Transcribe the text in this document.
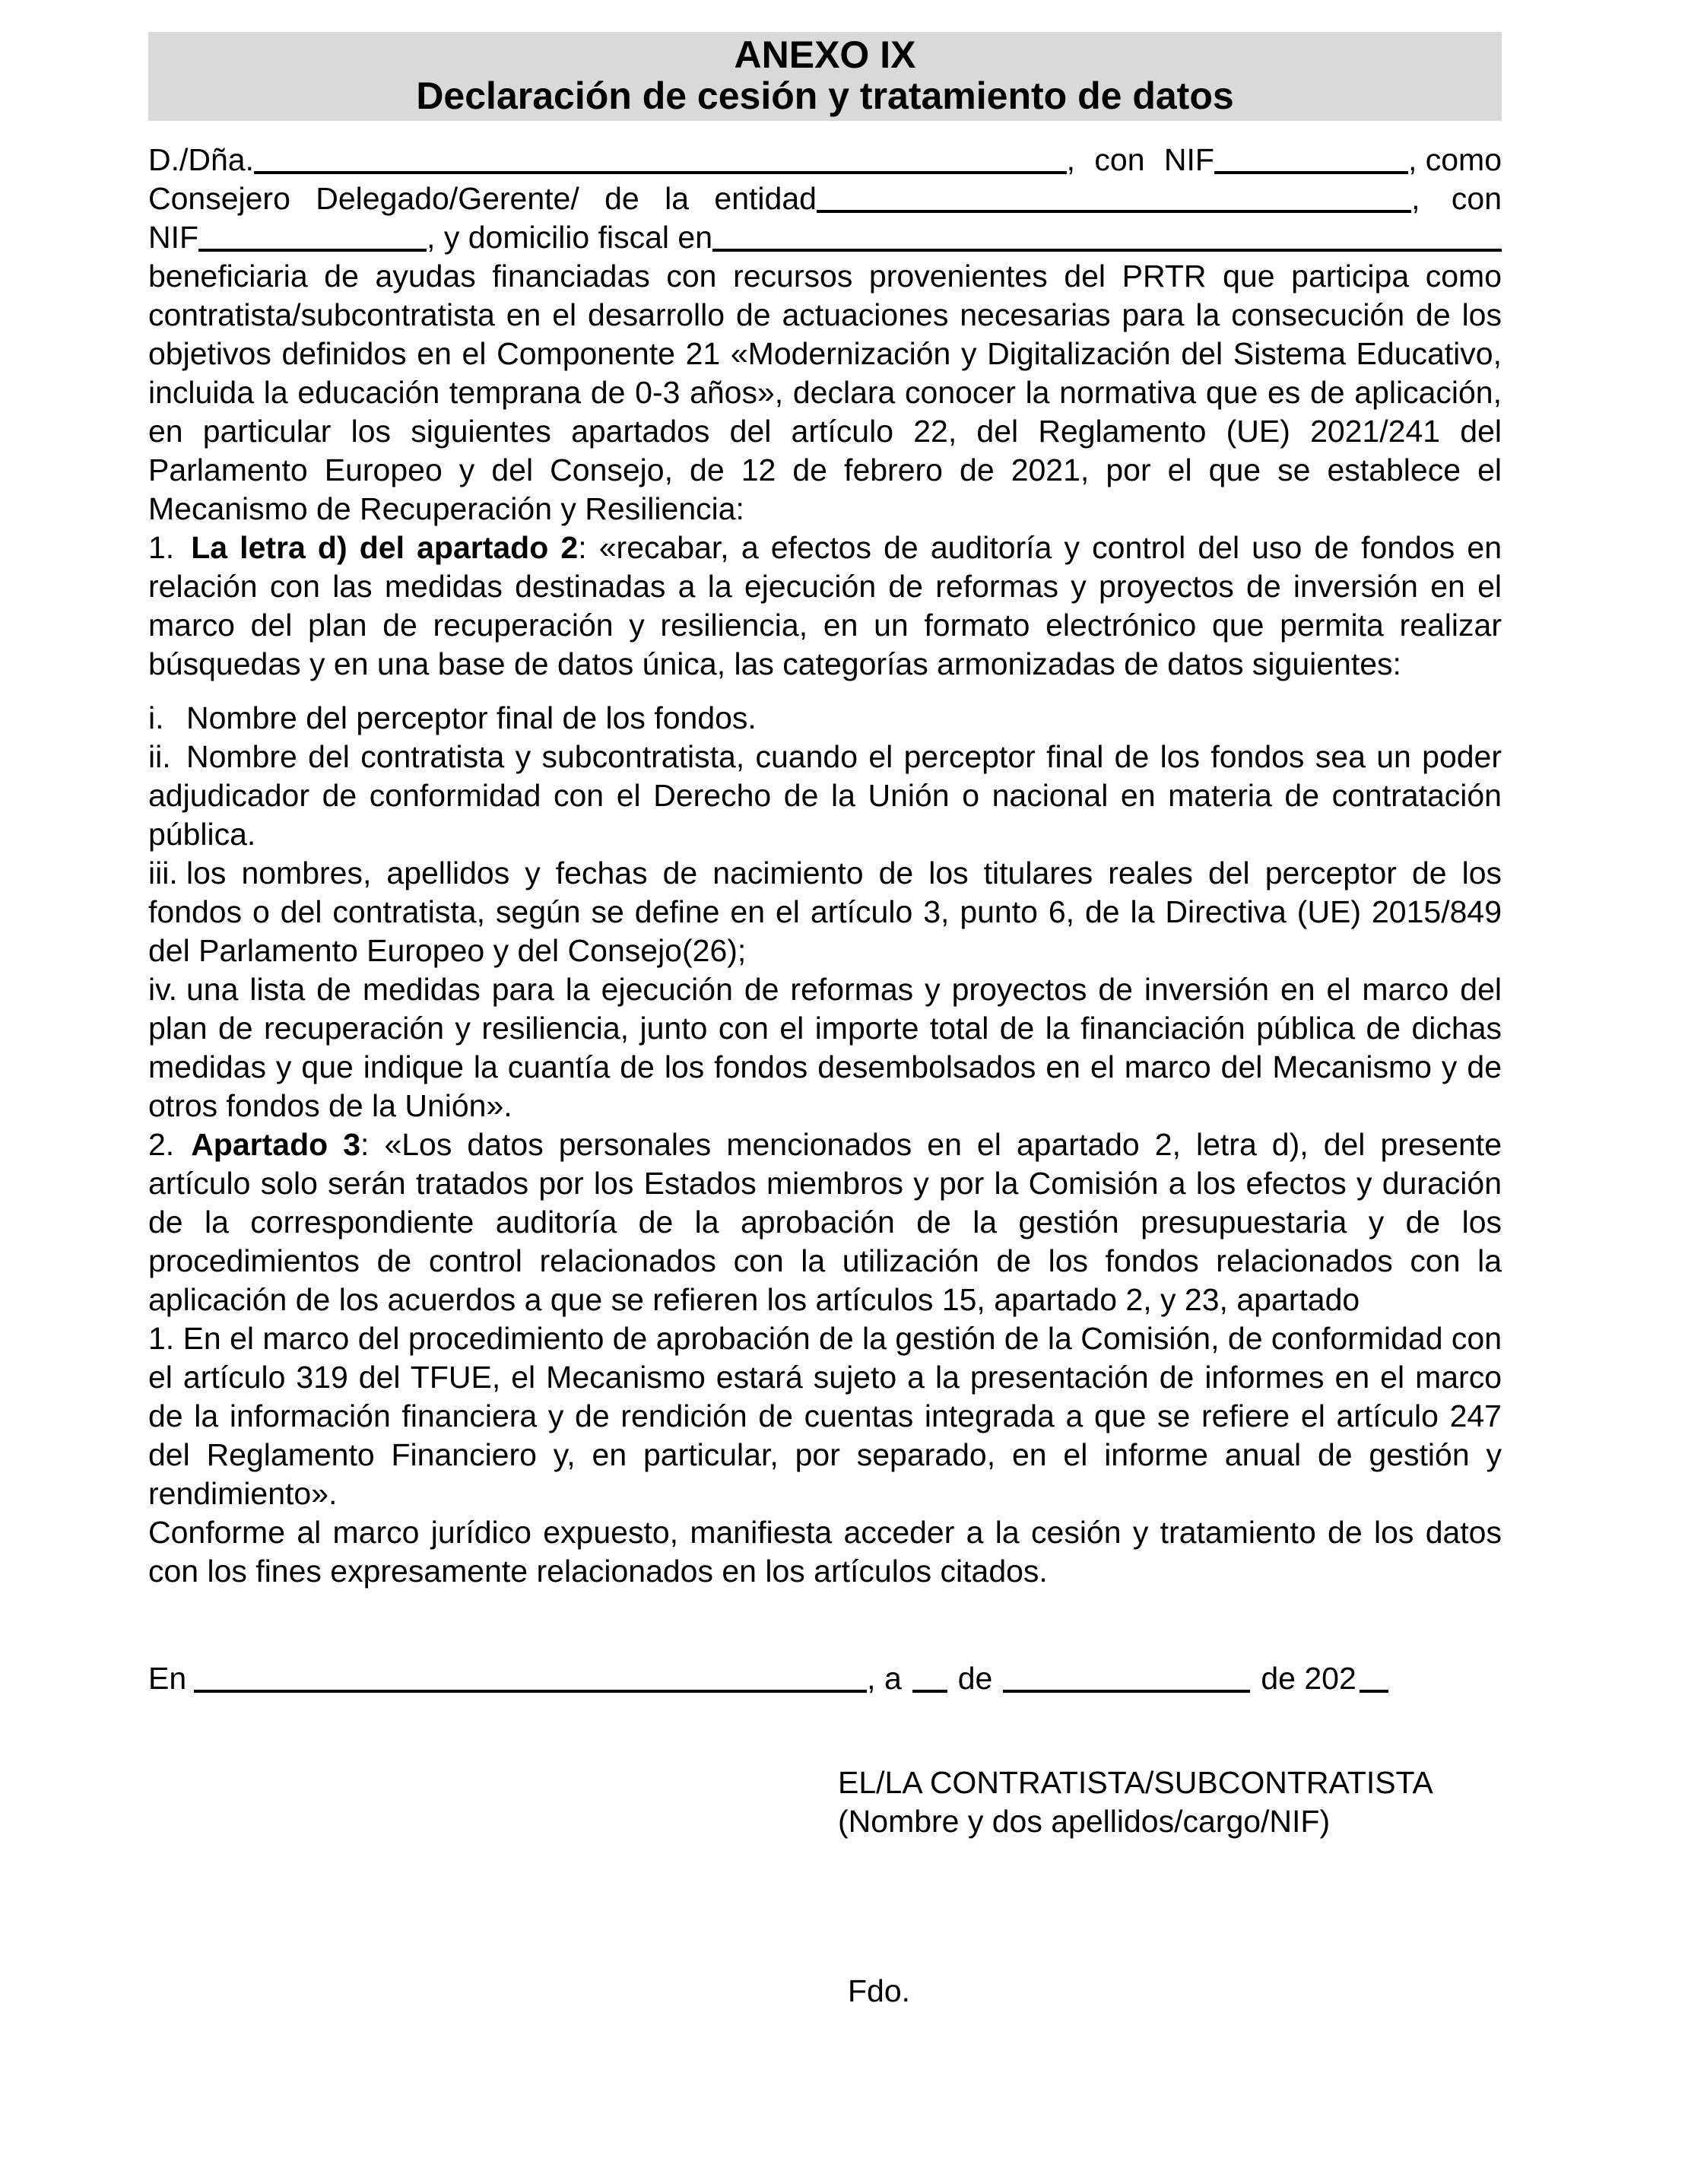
ANEXO IX
Declaración de cesión y tratamiento de datos
D./Dña.	, con NIF	, como
Consejero Delegado/Gerente/ de la entidad	, con
NIF	, y domicilio fiscal en

beneficiaria de ayudas financiadas con recursos provenientes del PRTR que participa como contratista/subcontratista en el desarrollo de actuaciones necesarias para la consecución de los objetivos definidos en el Componente 21 «Modernización y Digitalización del Sistema Educativo, incluida la educación temprana de 0-3 años», declara conocer la normativa que es de aplicación, en particular los siguientes apartados del artículo 22, del Reglamento (UE) 2021/241 del Parlamento Europeo y del Consejo, de 12 de febrero de 2021, por el que se establece el Mecanismo de Recuperación y Resiliencia:

1. La letra d) del apartado 2: «recabar, a efectos de auditoría y control del uso de fondos en relación con las medidas destinadas a la ejecución de reformas y proyectos de inversión en el marco del plan de recuperación y resiliencia, en un formato electrónico que permita realizar búsquedas y en una base de datos única, las categorías armonizadas de datos siguientes:

i. Nombre del perceptor final de los fondos.

ii. Nombre del contratista y subcontratista, cuando el perceptor final de los fondos sea un poder adjudicador de conformidad con el Derecho de la Unión o nacional en materia de contratación pública.

iii. los nombres, apellidos y fechas de nacimiento de los titulares reales del perceptor de los fondos o del contratista, según se define en el artículo 3, punto 6, de la Directiva (UE) 2015/849 del Parlamento Europeo y del Consejo(26);

iv. una lista de medidas para la ejecución de reformas y proyectos de inversión en el marco del plan de recuperación y resiliencia, junto con el importe total de la financiación pública de dichas medidas y que indique la cuantía de los fondos desembolsados en el marco del Mecanismo y de otros fondos de la Unión».

2. Apartado 3: «Los datos personales mencionados en el apartado 2, letra d), del presente artículo solo serán tratados por los Estados miembros y por la Comisión a los efectos y duración de la correspondiente auditoría de la aprobación de la gestión presupuestaria y de los procedimientos de control relacionados con la utilización de los fondos relacionados con la aplicación de los acuerdos a que se refieren los artículos 15, apartado 2, y 23, apartado

1. En el marco del procedimiento de aprobación de la gestión de la Comisión, de conformidad con el artículo 319 del TFUE, el Mecanismo estará sujeto a la presentación de informes en el marco de la información financiera y de rendición de cuentas integrada a que se refiere el artículo 247 del Reglamento Financiero y, en particular, por separado, en el informe anual de gestión y rendimiento».

Conforme al marco jurídico expuesto, manifiesta acceder a la cesión y tratamiento de los datos con los fines expresamente relacionados en los artículos citados.

En	, a de	de 202
EL/LA CONTRATISTA/SUBCONTRATISTA
(Nombre y dos apellidos/cargo/NIF)
Fdo.
